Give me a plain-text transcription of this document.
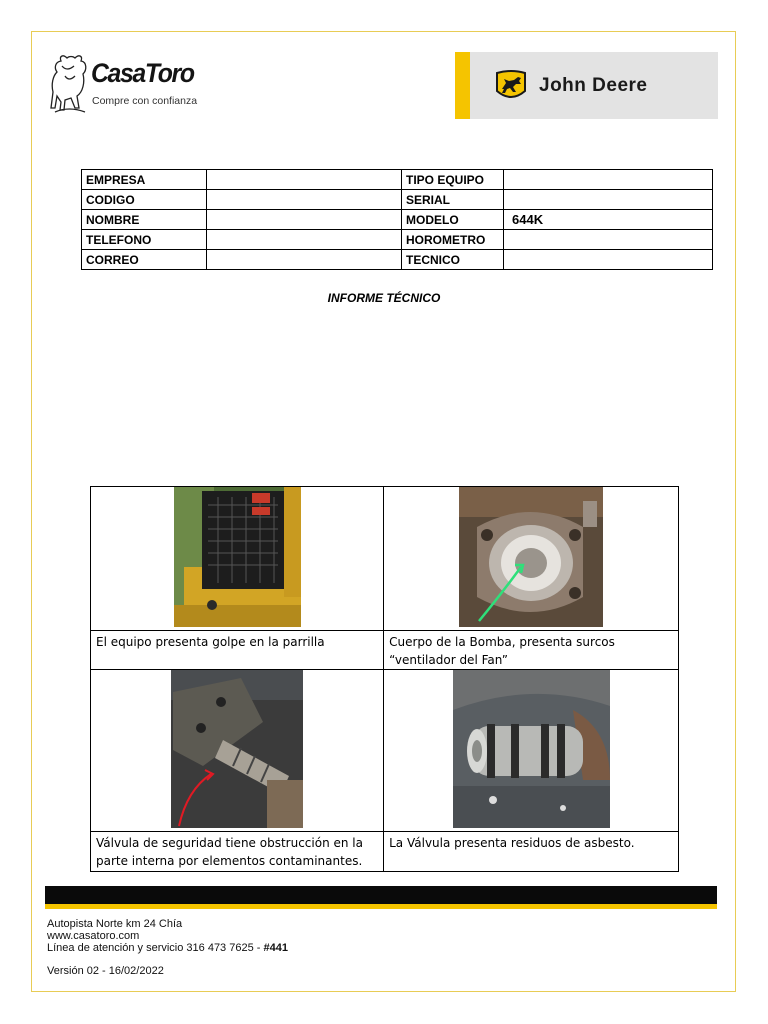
CasaToro
Compre con confianza
John Deere
EMPRESA		TIPO EQUIPO	
CODIGO		SERIAL	
NOMBRE		MODELO	644K
TELEFONO		HOROMETRO	
CORREO		TECNICO	
INFORME TÉCNICO

El equipo presenta golpe en la parrilla	Cuerpo de la Bomba, presenta surcos “ventilador del Fan”

Válvula de seguridad tiene obstrucción en la parte interna por elementos contaminantes.	La Válvula presenta residuos de asbesto.
Autopista Norte km 24 Chía
www.casatoro.com
Línea de atención y servicio 316 473 7625 - #441
Versión 02 - 16/02/2022
